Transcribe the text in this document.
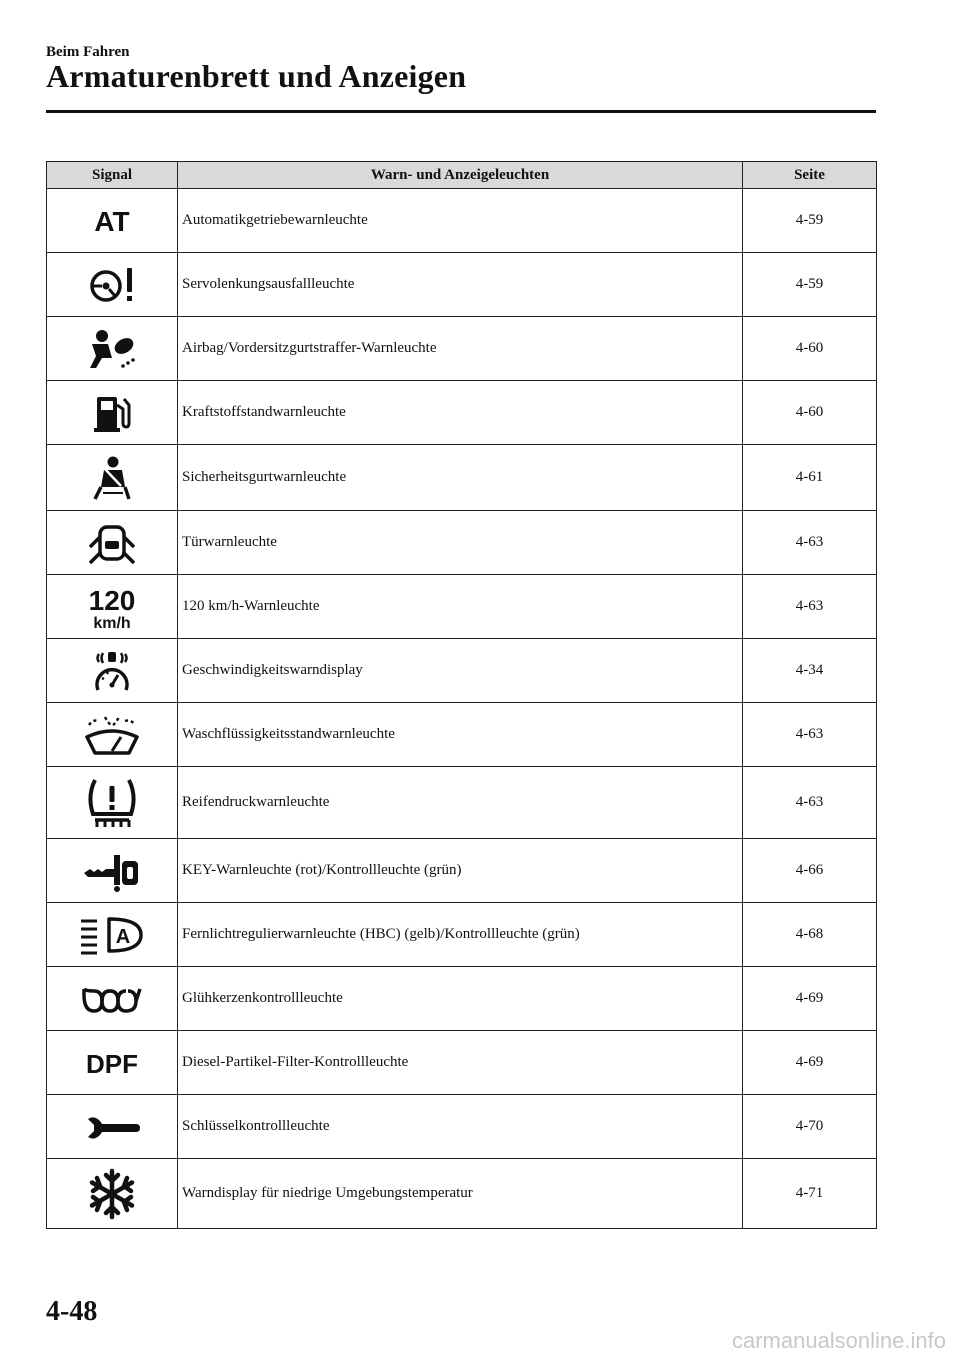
Beim Fahren
Armaturenbrett und Anzeigen
Signal	Warn- und Anzeigeleuchten	Seite

AT	Automatikgetriebewarnleuchte	4-59

	Servolenkungsausfallleuchte	4-59

	Airbag/Vordersitzgurtstraffer-Warnleuchte	4-60

	Kraftstoffstandwarnleuchte	4-60

	Sicherheitsgurtwarnleuchte	4-61

	Türwarnleuchte	4-63

120
km/h	120 km/h-Warnleuchte	4-63

	Geschwindigkeitswarndisplay	4-34

	Waschflüssigkeitsstandwarnleuchte	4-63

	Reifendruckwarnleuchte	4-63

	KEY-Warnleuchte (rot)/Kontrollleuchte (grün)	4-66

A	Fernlichtregulierwarnleuchte (HBC) (gelb)/Kontrollleuchte (grün)	4-68

	Glühkerzenkontrollleuchte	4-69

DPF	Diesel-Partikel-Filter-Kontrollleuchte	4-69

	Schlüsselkontrollleuchte	4-70

	Warndisplay für niedrige Umgebungstemperatur	4-71
4-48
carmanualsonline.info
